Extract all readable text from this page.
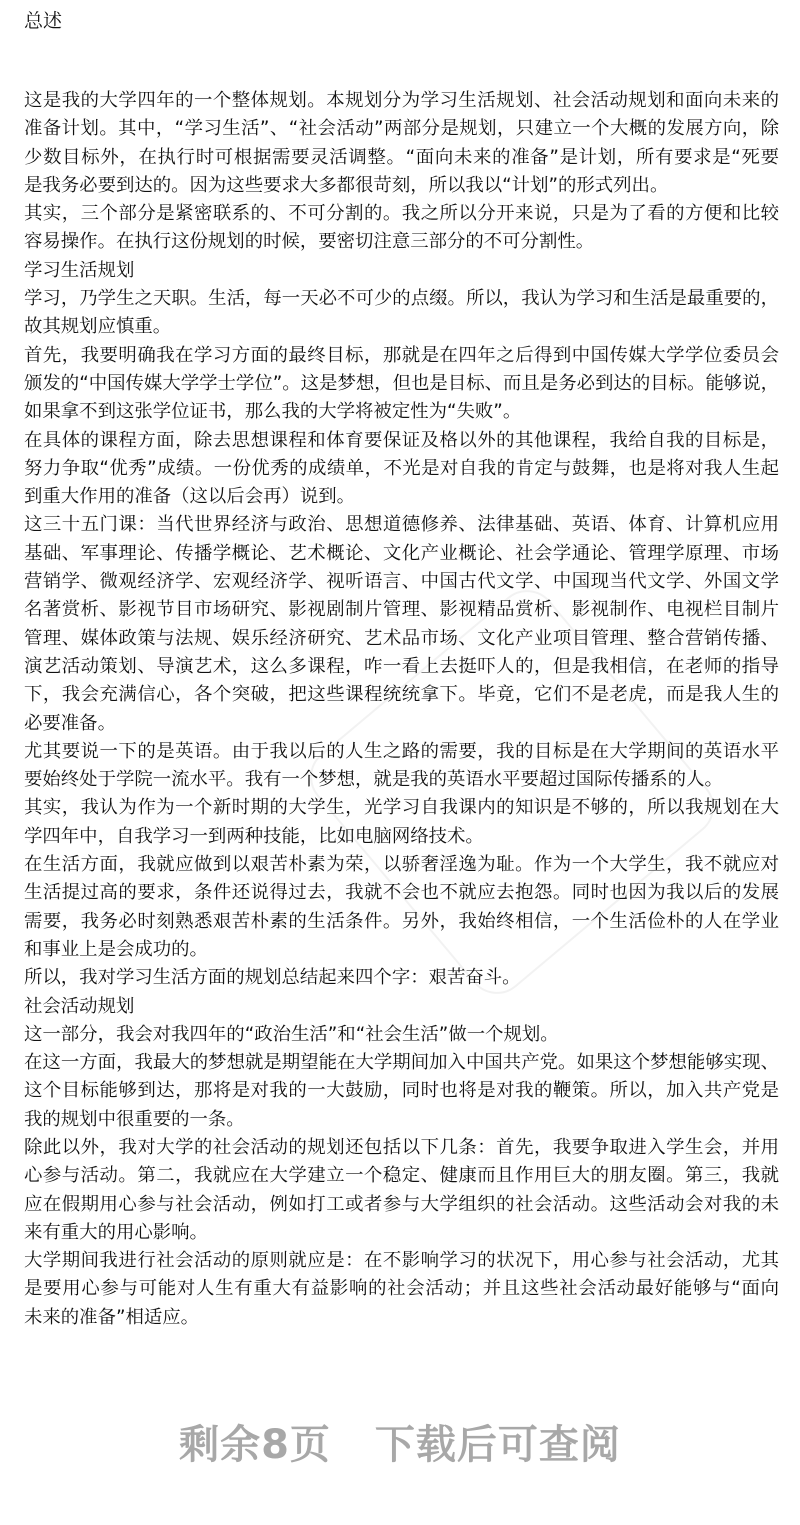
总述
这是我的大学四年的一个整体规划。本规划分为学习生活规划、社会活动规划和面向未来的
准备计划。其中，“学习生活”、“社会活动”两部分是规划，只建立一个大概的发展方向，除
少数目标外，在执行时可根据需要灵活调整。“面向未来的准备”是计划，所有要求是“死要
是我务必要到达的。因为这些要求大多都很苛刻，所以我以“计划”的形式列出。
其实，三个部分是紧密联系的、不可分割的。我之所以分开来说，只是为了看的方便和比较
容易操作。在执行这份规划的时候，要密切注意三部分的不可分割性。
学习生活规划
学习，乃学生之天职。生活，每一天必不可少的点缀。所以，我认为学习和生活是最重要的，
故其规划应慎重。
首先，我要明确我在学习方面的最终目标，那就是在四年之后得到中国传媒大学学位委员会
颁发的“中国传媒大学学士学位”。这是梦想，但也是目标、而且是务必到达的目标。能够说，
如果拿不到这张学位证书，那么我的大学将被定性为“失败”。
在具体的课程方面，除去思想课程和体育要保证及格以外的其他课程，我给自我的目标是，
努力争取“优秀”成绩。一份优秀的成绩单，不光是对自我的肯定与鼓舞，也是将对我人生起
到重大作用的准备（这以后会再）说到。
这三十五门课：当代世界经济与政治、思想道德修养、法律基础、英语、体育、计算机应用
基础、军事理论、传播学概论、艺术概论、文化产业概论、社会学通论、管理学原理、市场
营销学、微观经济学、宏观经济学、视听语言、中国古代文学、中国现当代文学、外国文学
名著赏析、影视节目市场研究、影视剧制片管理、影视精品赏析、影视制作、电视栏目制片
管理、媒体政策与法规、娱乐经济研究、艺术品市场、文化产业项目管理、整合营销传播、
演艺活动策划、导演艺术，这么多课程，咋一看上去挺吓人的，但是我相信，在老师的指导
下，我会充满信心，各个突破，把这些课程统统拿下。毕竟，它们不是老虎，而是我人生的
必要准备。
尤其要说一下的是英语。由于我以后的人生之路的需要，我的目标是在大学期间的英语水平
要始终处于学院一流水平。我有一个梦想，就是我的英语水平要超过国际传播系的人。
其实，我认为作为一个新时期的大学生，光学习自我课内的知识是不够的，所以我规划在大
学四年中，自我学习一到两种技能，比如电脑网络技术。
在生活方面，我就应做到以艰苦朴素为荣，以骄奢淫逸为耻。作为一个大学生，我不就应对
生活提过高的要求，条件还说得过去，我就不会也不就应去抱怨。同时也因为我以后的发展
需要，我务必时刻熟悉艰苦朴素的生活条件。另外，我始终相信，一个生活俭朴的人在学业
和事业上是会成功的。
所以，我对学习生活方面的规划总结起来四个字：艰苦奋斗。
社会活动规划
这一部分，我会对我四年的“政治生活”和“社会生活”做一个规划。
在这一方面，我最大的梦想就是期望能在大学期间加入中国共产党。如果这个梦想能够实现、
这个目标能够到达，那将是对我的一大鼓励，同时也将是对我的鞭策。所以，加入共产党是
我的规划中很重要的一条。
除此以外，我对大学的社会活动的规划还包括以下几条：首先，我要争取进入学生会，并用
心参与活动。第二，我就应在大学建立一个稳定、健康而且作用巨大的朋友圈。第三，我就
应在假期用心参与社会活动，例如打工或者参与大学组织的社会活动。这些活动会对我的未
来有重大的用心影响。
大学期间我进行社会活动的原则就应是：在不影响学习的状况下，用心参与社会活动，尤其
是要用心参与可能对人生有重大有益影响的社会活动；并且这些社会活动最好能够与“面向
未来的准备”相适应。
剩余8页 下载后可查阅
